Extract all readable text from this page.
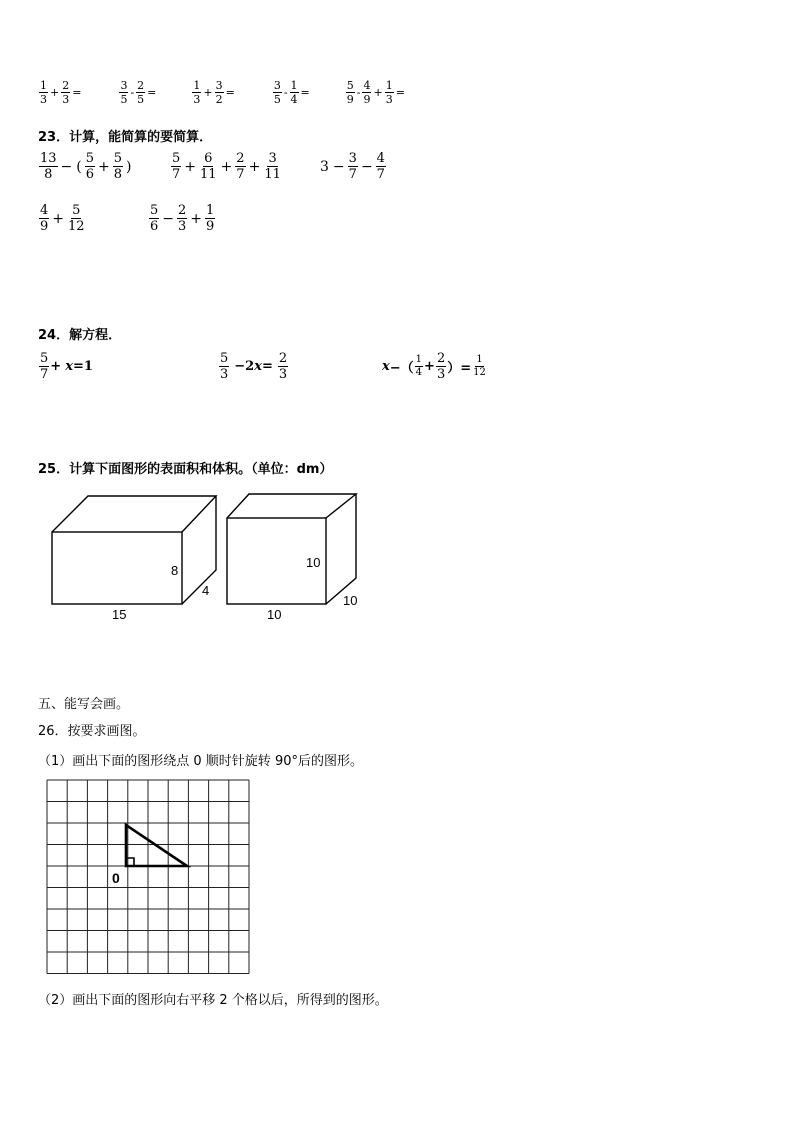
$\frac{1}{3} + \frac{2}{3}$ =	$\frac{3}{5} - \frac{2}{5}$ =	$\frac{1}{3} + \frac{3}{2}$ =	$\frac{3}{5} - \frac{1}{4}$ =	$\frac{5}{9} - \frac{4}{9} + \frac{1}{3}$ =
23．计算，能简算的要简算．
$\frac{13}{8}$ − ( $\frac{5}{6} + \frac{5}{8}$ )	$\frac{5}{7} + \frac{6}{11} + \frac{2}{7} + \frac{3}{11}$	$3 - \frac{3}{7} - \frac{4}{7}$
$\frac{4}{9} + \frac{5}{12}$	$\frac{5}{6} - \frac{2}{3} + \frac{1}{9}$
24．解方程．
$\frac{5}{7} + x =1$	$\frac{5}{3} -2$ $x = \frac{2}{3}$	x −（ $\frac{1}{4} + \frac{2}{3}$ ）= $\frac{1}{12}$
25．计算下面图形的表面积和体积。（单位：dm）
8
4
15
10
10
10
五、能写会画。
26．按要求画图。
（1）画出下面的图形绕点 0 顺时针旋转 90°后的图形。
0
（2）画出下面的图形向右平移 2 个格以后，所得到的图形。
